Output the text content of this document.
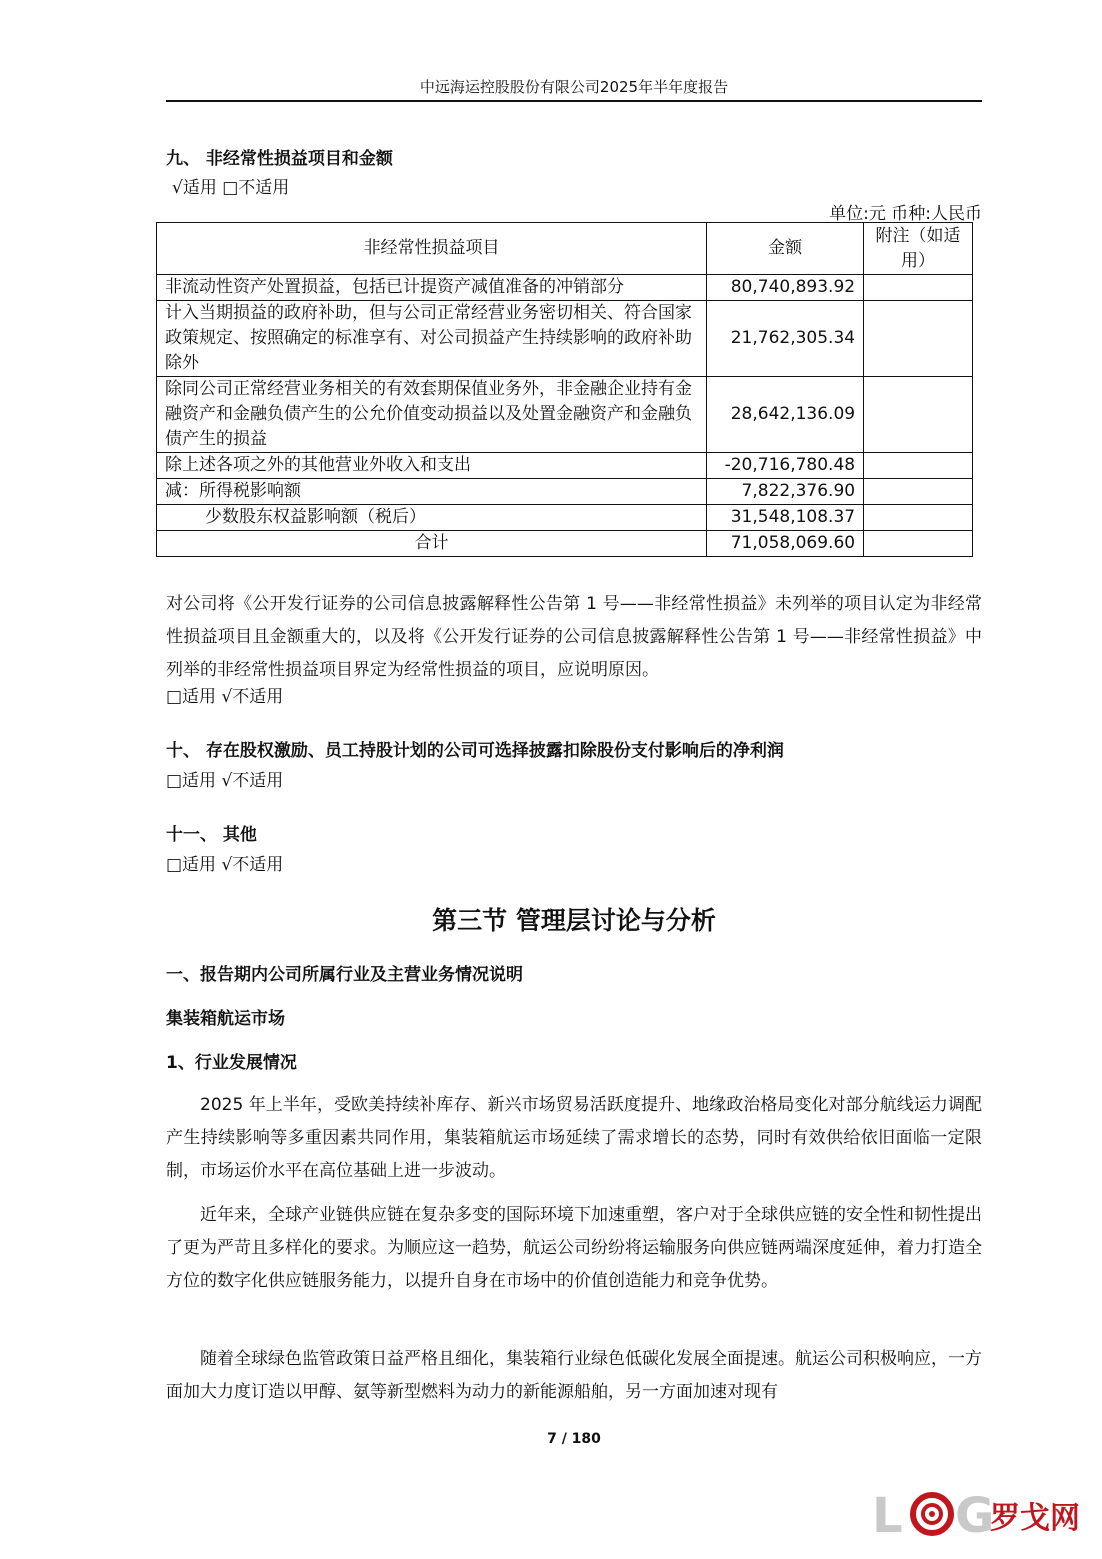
中远海运控股股份有限公司2025年半年度报告
九、 非经常性损益项目和金额
√适用 □不适用
单位:元 币种:人民币
非经常性损益项目	金额	附注（如适用）
非流动性资产处置损益，包括已计提资产减值准备的冲销部分	80,740,893.92	
计入当期损益的政府补助，但与公司正常经营业务密切相关、符合国家政策规定、按照确定的标准享有、对公司损益产生持续影响的政府补助除外	21,762,305.34	
除同公司正常经营业务相关的有效套期保值业务外，非金融企业持有金融资产和金融负债产生的公允价值变动损益以及处置金融资产和金融负债产生的损益	28,642,136.09	
除上述各项之外的其他营业外收入和支出	-20,716,780.48	
减：所得税影响额	7,822,376.90	
少数股东权益影响额（税后）	31,548,108.37	
合计	71,058,069.60	
对公司将《公开发行证券的公司信息披露解释性公告第 1 号——非经常性损益》未列举的项目认定为非经常性损益项目且金额重大的，以及将《公开发行证券的公司信息披露解释性公告第 1 号——非经常性损益》中列举的非经常性损益项目界定为经常性损益的项目，应说明原因。
□适用 √不适用
十、 存在股权激励、员工持股计划的公司可选择披露扣除股份支付影响后的净利润
□适用 √不适用
十一、 其他
□适用 √不适用
第三节 管理层讨论与分析
一、报告期内公司所属行业及主营业务情况说明
集装箱航运市场
1、行业发展情况
2025 年上半年，受欧美持续补库存、新兴市场贸易活跃度提升、地缘政治格局变化对部分航线运力调配产生持续影响等多重因素共同作用，集装箱航运市场延续了需求增长的态势，同时有效供给依旧面临一定限制，市场运价水平在高位基础上进一步波动。
近年来，全球产业链供应链在复杂多变的国际环境下加速重塑，客户对于全球供应链的安全性和韧性提出了更为严苛且多样化的要求。为顺应这一趋势，航运公司纷纷将运输服务向供应链两端深度延伸，着力打造全方位的数字化供应链服务能力，以提升自身在市场中的价值创造能力和竞争优势。
随着全球绿色监管政策日益严格且细化，集装箱行业绿色低碳化发展全面提速。航运公司积极响应，一方面加大力度订造以甲醇、氨等新型燃料为动力的新能源船舶，另一方面加速对现有
7 / 180
L G
罗戈网
